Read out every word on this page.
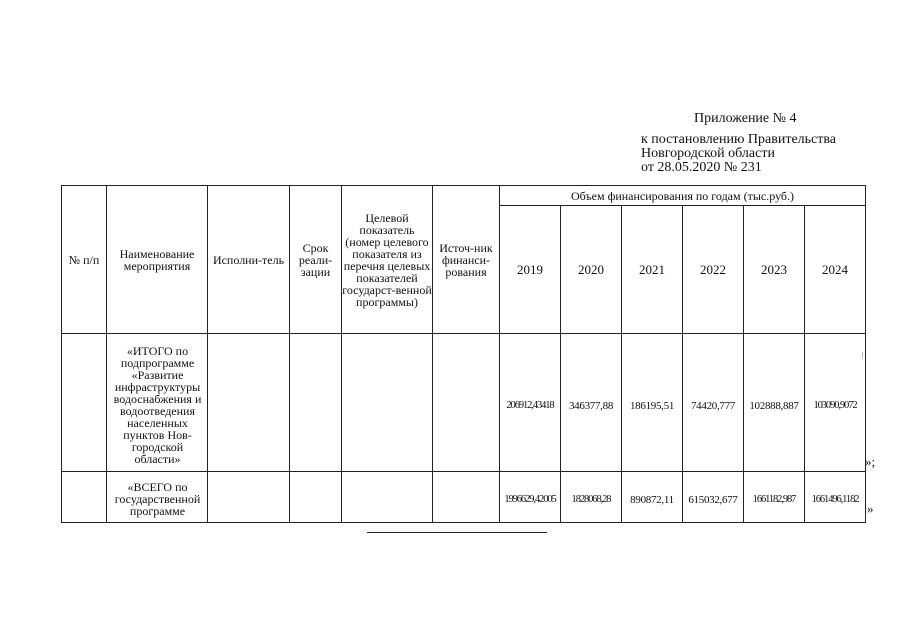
Приложение № 4
к постановлению Правительства
Новгородской области
от 28.05.2020 № 231
№ п/п	Наименование мероприятия	Исполни-тель	Срок реали-зации	Целевой показатель (номер целевого показателя из перечня целевых показателей государст-венной программы)	Источ-ник финанси-рования	Объем финансирования по годам (тыс.руб.)					
						2019	2020	2021	2022	2023	2024
	«ИТОГО по подпрограмме «Развитие инфраструктуры водоснабжения и водоотведения населенных пунктов Нов-городской области»					206912,43418	346377,88	186195,51	74420,777	102888,887	103090,9072
	«ВСЕГО по государственной программе					1996629,42005	1828068,28	890872,11	615032,677	1661182,987	1661496,1182
»;
»
